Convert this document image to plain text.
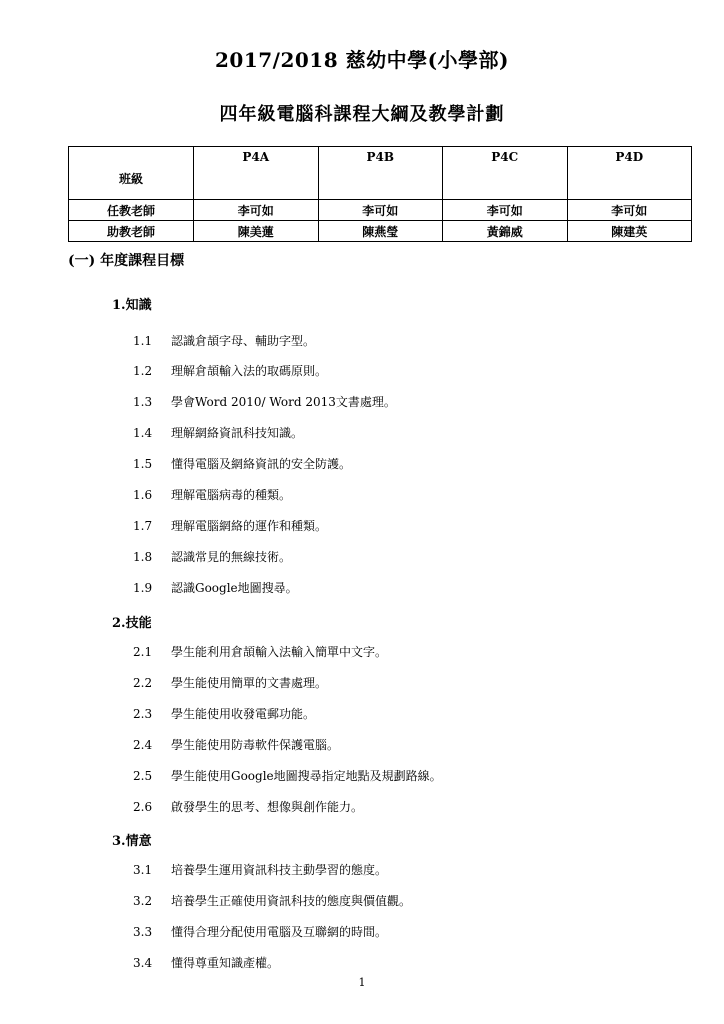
2017/2018 慈幼中學(小學部)
四年級電腦科課程大綱及教學計劃
班級	P4A	P4B	P4C	P4D
任教老師	李可如	李可如	李可如	李可如
助教老師	陳美蓮	陳燕瑩	黃錦威	陳建英
(一) 年度課程目標
1.知識
1.1 認識倉頡字母、輔助字型。
1.2 理解倉頡輸入法的取碼原則。
1.3 學會Word 2010/ Word 2013文書處理。
1.4 理解網絡資訊科技知識。
1.5 懂得電腦及網絡資訊的安全防護。
1.6 理解電腦病毒的種類。
1.7 理解電腦網絡的運作和種類。
1.8 認識常見的無線技術。
1.9 認識Google地圖搜尋。
2.技能
2.1 學生能利用倉頡輸入法輸入簡單中文字。
2.2 學生能使用簡單的文書處理。
2.3 學生能使用收發電郵功能。
2.4 學生能使用防毒軟件保護電腦。
2.5 學生能使用Google地圖搜尋指定地點及規劃路線。
2.6 啟發學生的思考、想像與創作能力。
3.情意
3.1 培養學生運用資訊科技主動學習的態度。
3.2 培養學生正確使用資訊科技的態度與價值觀。
3.3 懂得合理分配使用電腦及互聯網的時間。
3.4 懂得尊重知識產權。
1
